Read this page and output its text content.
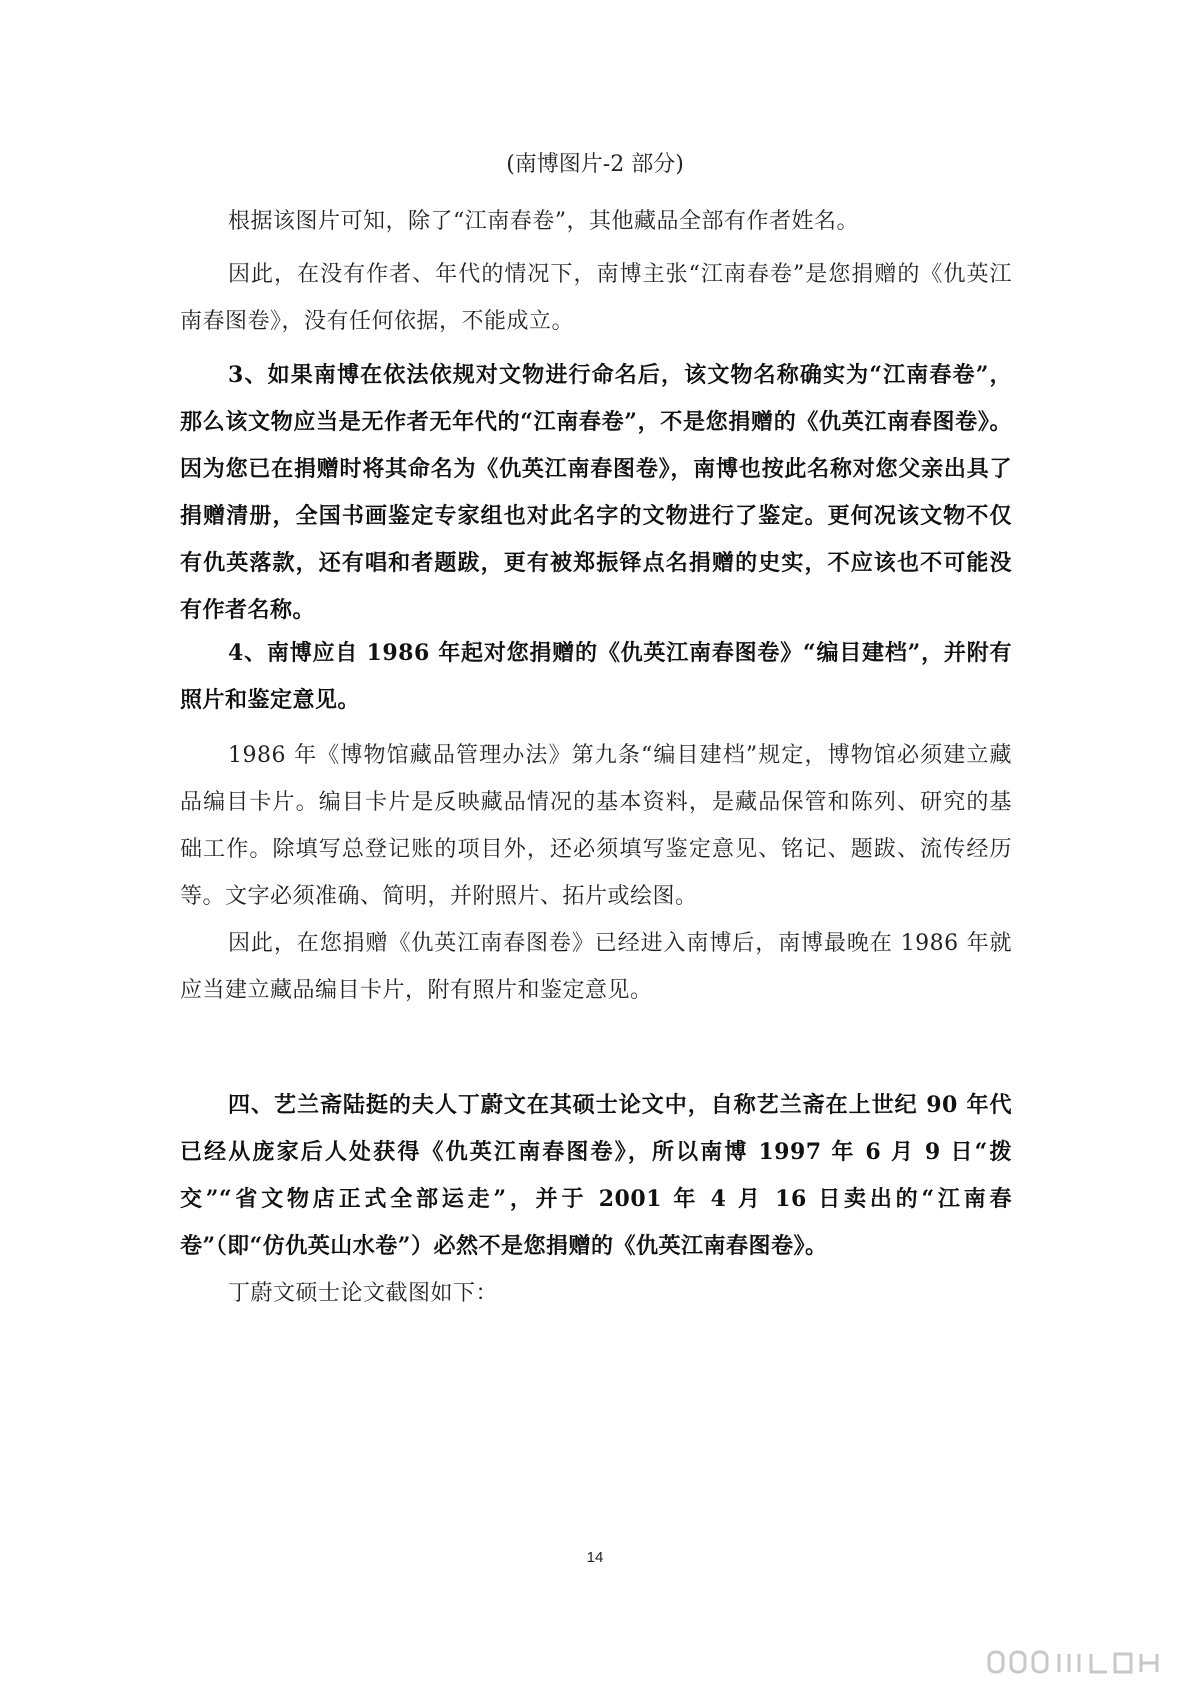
(南博图片-2 部分)

根据该图片可知，除了“江南春卷”，其他藏品全部有作者姓名。

因此，在没有作者、年代的情况下，南博主张“江南春卷”是您捐赠的《仇英江南春图卷》，没有任何依据，不能成立。

3、如果南博在依法依规对文物进行命名后，该文物名称确实为“江南春卷”，那么该文物应当是无作者无年代的“江南春卷”，不是您捐赠的《仇英江南春图卷》。因为您已在捐赠时将其命名为《仇英江南春图卷》，南博也按此名称对您父亲出具了捐赠清册，全国书画鉴定专家组也对此名字的文物进行了鉴定。更何况该文物不仅有仇英落款，还有唱和者题跋，更有被郑振铎点名捐赠的史实，不应该也不可能没有作者名称。

4、南博应自 1986 年起对您捐赠的《仇英江南春图卷》“编目建档”，并附有照片和鉴定意见。

1986 年《博物馆藏品管理办法》第九条“编目建档”规定，博物馆必须建立藏品编目卡片。编目卡片是反映藏品情况的基本资料，是藏品保管和陈列、研究的基础工作。除填写总登记账的项目外，还必须填写鉴定意见、铭记、题跋、流传经历等。文字必须准确、简明，并附照片、拓片或绘图。

因此，在您捐赠《仇英江南春图卷》已经进入南博后，南博最晚在 1986 年就应当建立藏品编目卡片，附有照片和鉴定意见。

四、艺兰斋陆挺的夫人丁蔚文在其硕士论文中，自称艺兰斋在上世纪 90 年代已经从庞家后人处获得《仇英江南春图卷》，所以南博 1997 年 6 月 9 日“拨交”“省文物店正式全部运走”，并于 2001 年 4 月 16 日卖出的“江南春卷”（即“仿仇英山水卷”）必然不是您捐赠的《仇英江南春图卷》。

丁蔚文硕士论文截图如下：

14
